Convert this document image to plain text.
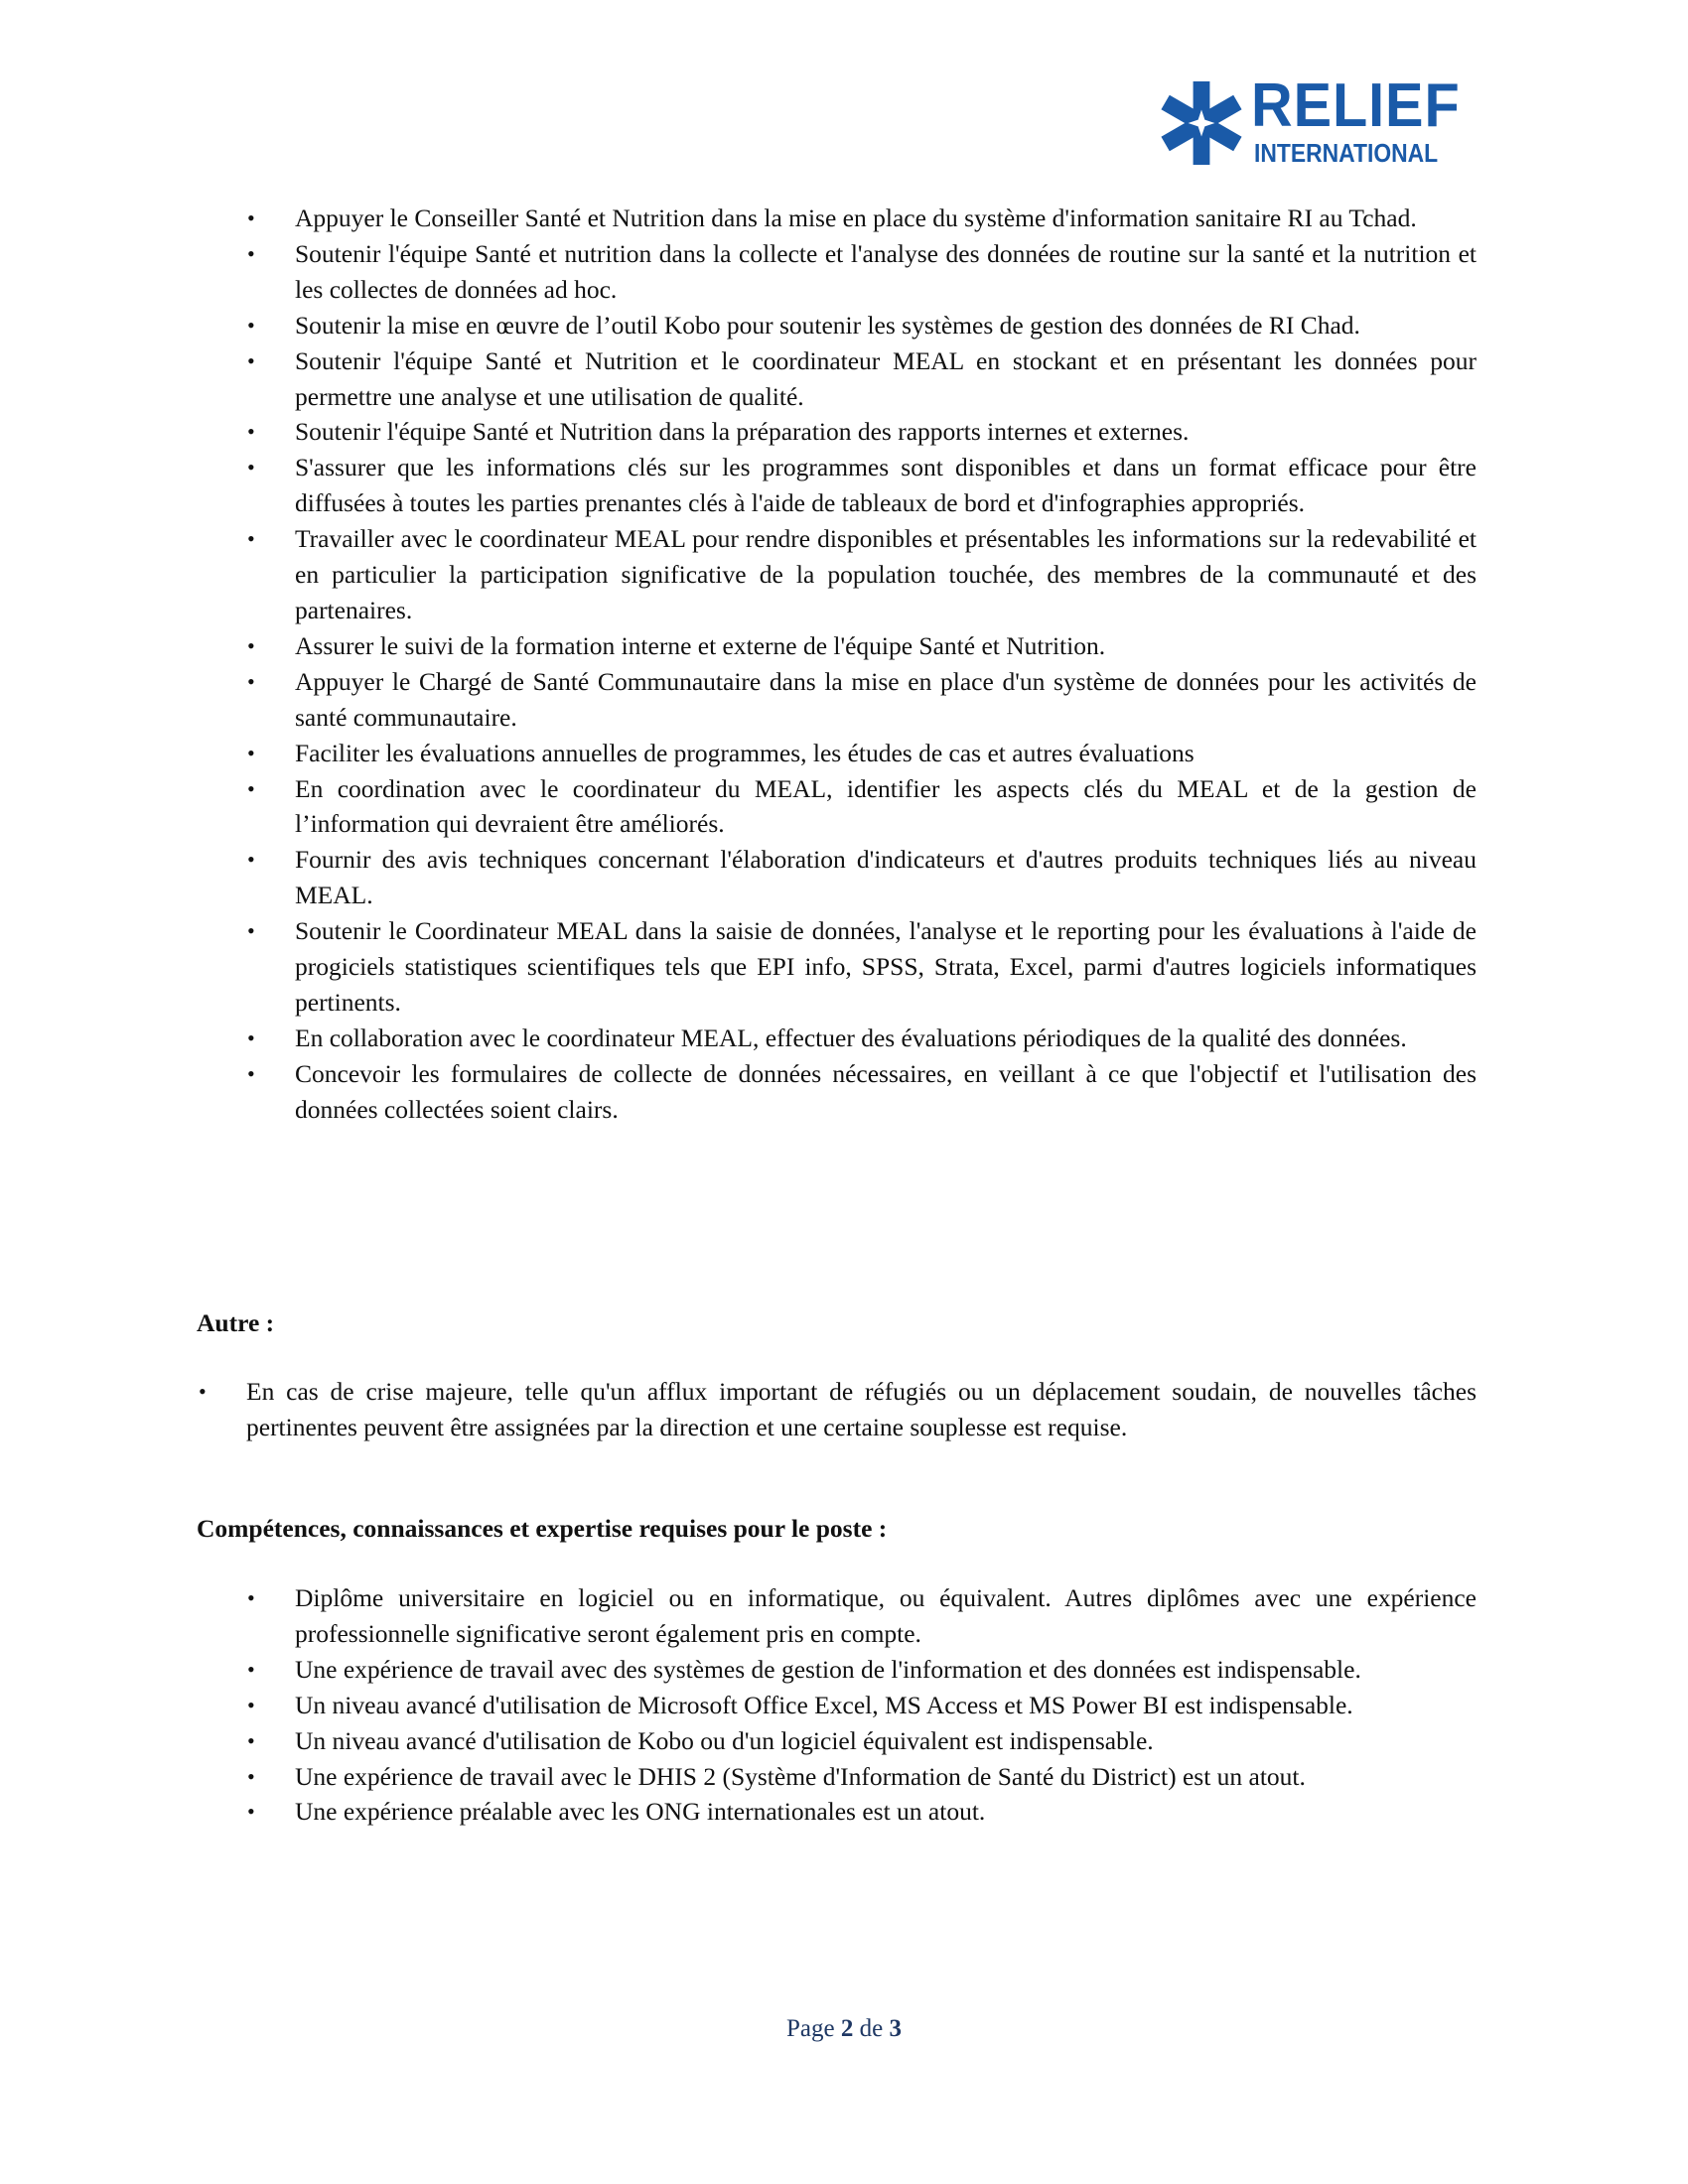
RELIEF
INTERNATIONAL
• Appuyer le Conseiller Santé et Nutrition dans la mise en place du système d'information sanitaire RI au Tchad.
• Soutenir l'équipe Santé et nutrition dans la collecte et l'analyse des données de routine sur la santé et la nutrition et les collectes de données ad hoc.
• Soutenir la mise en œuvre de l’outil Kobo pour soutenir les systèmes de gestion des données de RI Chad.
• Soutenir l'équipe Santé et Nutrition et le coordinateur MEAL en stockant et en présentant les données pour permettre une analyse et une utilisation de qualité.
• Soutenir l'équipe Santé et Nutrition dans la préparation des rapports internes et externes.
• S'assurer que les informations clés sur les programmes sont disponibles et dans un format efficace pour être diffusées à toutes les parties prenantes clés à l'aide de tableaux de bord et d'infographies appropriés.
• Travailler avec le coordinateur MEAL pour rendre disponibles et présentables les informations sur la redevabilité et en particulier la participation significative de la population touchée, des membres de la communauté et des partenaires.
• Assurer le suivi de la formation interne et externe de l'équipe Santé et Nutrition.
• Appuyer le Chargé de Santé Communautaire dans la mise en place d'un système de données pour les activités de santé communautaire.
• Faciliter les évaluations annuelles de programmes, les études de cas et autres évaluations
• En coordination avec le coordinateur du MEAL, identifier les aspects clés du MEAL et de la gestion de l’information qui devraient être améliorés.
• Fournir des avis techniques concernant l'élaboration d'indicateurs et d'autres produits techniques liés au niveau MEAL.
• Soutenir le Coordinateur MEAL dans la saisie de données, l'analyse et le reporting pour les évaluations à l'aide de progiciels statistiques scientifiques tels que EPI info, SPSS, Strata, Excel, parmi d'autres logiciels informatiques pertinents.
• En collaboration avec le coordinateur MEAL, effectuer des évaluations périodiques de la qualité des données.
• Concevoir les formulaires de collecte de données nécessaires, en veillant à ce que l'objectif et l'utilisation des données collectées soient clairs.
Autre :
• En cas de crise majeure, telle qu'un afflux important de réfugiés ou un déplacement soudain, de nouvelles tâches pertinentes peuvent être assignées par la direction et une certaine souplesse est requise.
Compétences, connaissances et expertise requises pour le poste :
• Diplôme universitaire en logiciel ou en informatique, ou équivalent. Autres diplômes avec une expérience professionnelle significative seront également pris en compte.
• Une expérience de travail avec des systèmes de gestion de l'information et des données est indispensable.
• Un niveau avancé d'utilisation de Microsoft Office Excel, MS Access et MS Power BI est indispensable.
• Un niveau avancé d'utilisation de Kobo ou d'un logiciel équivalent est indispensable.
• Une expérience de travail avec le DHIS 2 (Système d'Information de Santé du District) est un atout.
• Une expérience préalable avec les ONG internationales est un atout.
Page 2 de 3
